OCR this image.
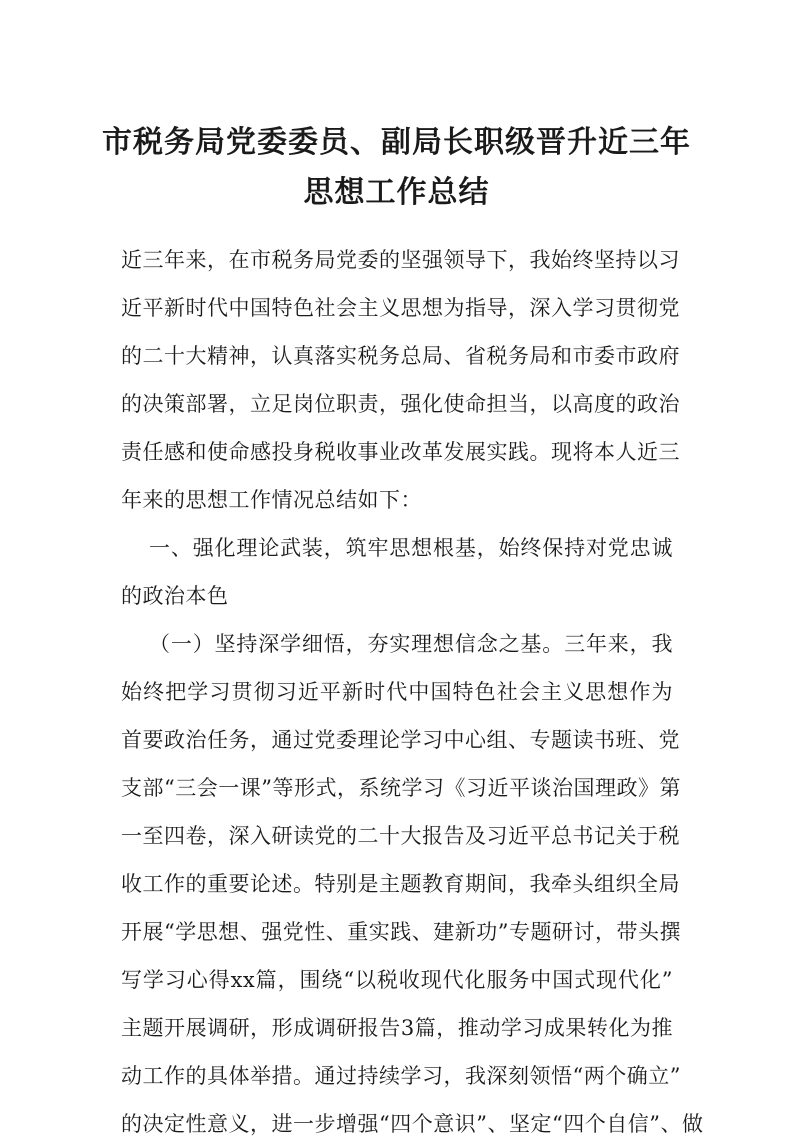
市税务局党委委员、副局长职级晋升近三年
思想工作总结
近三年来，在市税务局党委的坚强领导下，我始终坚持以习
近平新时代中国特色社会主义思想为指导，深入学习贯彻党
的二十大精神，认真落实税务总局、省税务局和市委市政府
的决策部署，立足岗位职责，强化使命担当，以高度的政治
责任感和使命感投身税收事业改革发展实践。现将本人近三
年来的思想工作情况总结如下：
一、强化理论武装，筑牢思想根基，始终保持对党忠诚
的政治本色
（一）坚持深学细悟，夯实理想信念之基。三年来，我
始终把学习贯彻习近平新时代中国特色社会主义思想作为
首要政治任务，通过党委理论学习中心组、专题读书班、党
支部“三会一课”等形式，系统学习《习近平谈治国理政》第
一至四卷，深入研读党的二十大报告及习近平总书记关于税
收工作的重要论述。特别是主题教育期间，我牵头组织全局
开展“学思想、强党性、重实践、建新功”专题研讨，带头撰
写学习心得xx篇，围绕“以税收现代化服务中国式现代化”
主题开展调研，形成调研报告3篇，推动学习成果转化为推
动工作的具体举措。通过持续学习，我深刻领悟“两个确立”
的决定性意义，进一步增强“四个意识”、坚定“四个自信”、做
